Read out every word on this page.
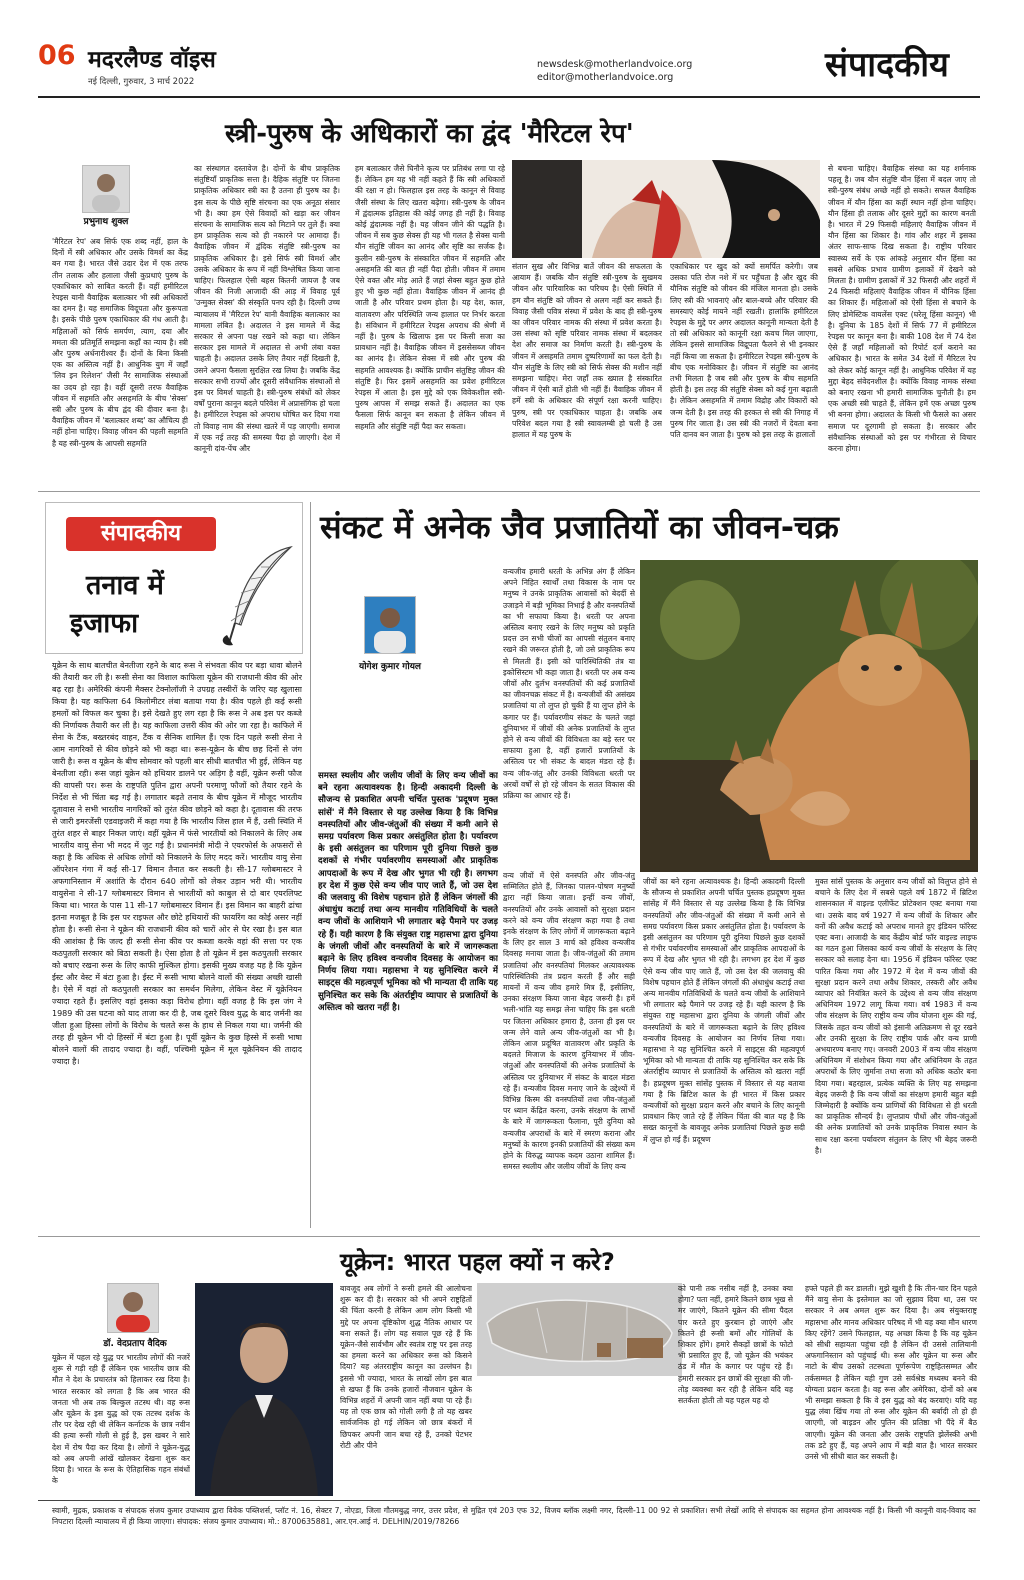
06 मदरलैण्ड वॉइस
नई दिल्ली, गुरुवार, 3 मार्च 2022
newsdesk@motherlandvoice.org
editor@motherlandvoice.org	संपादकीय
स्त्री-पुरुष के अधिकारों का द्वंद 'मैरिटल रेप'
प्रभुनाथ शुक्ल
'मैरिटल रेप' अब सिर्फ एक शब्द नहीं, हाल के दिनों में स्त्री अधिकार और उसके विमर्श का केंद्र बन गया है। भारत जैसे उदार देश में एक तरफ तीन तलाक और हलाला जैसी कुप्रथाएं पुरुष के एकाधिकार को साबित करती हैं। वहीं हमीरिटल रेपइस यानी वैवाहिक बलात्कार भी स्त्री अधिकारों का दमन है। यह समाजिक विदूपता और कुरूपता है। इसके पीछे पुरुष एकाधिकार की गंध आती है। महिलाओं को सिर्फ समर्पण, त्याग, दया और ममता की प्रतिमूर्ति समझना कहाँ का न्याय है। स्त्री और पुरुष अर्धनारीश्वर हैं। दोनों के बिना किसी एक का अस्तित्व नहीं है। आधुनिक युग में जहाँ 'लिव इन रिलेशन' जैसी नैर सामाजिक संस्थाओं का उदय हो रहा है। वहीं दूसरी तरफ वैवाहिक जीवन में सहमति और असहमति के बीच 'सेक्स' स्त्री और पुरुष के बीच द्वंद की दीवार बना है। वैवाहिक जीवन में 'बलात्कार शब्द' का औचित्य ही नहीं होना चाहिए। विवाह जीवन की पहली सहमति है यह स्त्री-पुरुष के आपसी सहमति
का संस्थागत दस्तावेज है। दोनों के बीच प्राकृतिक संतुष्टियाँ प्राकृतिक सत्ता है। दैहिक संतुष्टि पर जितना प्राकृतिक अधिकार स्त्री का है उतना ही पुरुष का है। इस सत्य के पीछे सृष्टि संरचना का एक अनूठा संसार भी है। क्या हम ऐसे विवादों को खड़ा कर जीवन संरचना के सामाजिक सत्य को मिटाने पर तुले हैं। क्या हम प्राकृतिक सत्य को ही नकारने पर आमादा हैं। वैवाहिक जीवन में द्वंदिक संतुष्टि स्त्री-पुरुष का प्राकृतिक अधिकार है। इसे सिर्फ स्त्री विमर्श और उसके अधिकार के रूप में नहीं विश्लेषित किया जाना चाहिए। फिलहाल ऐसी बहस कितनी जायज है जब जीवन की निजी आजादी की आड़ में विवाह पूर्व 'उन्मुक्त सेक्स' की संस्कृति पनप रही है। दिल्ली उच्च न्यायालय में 'मैरिटल रेप' यानी वैवाहिक बलात्कार का मामला लंबित है। अदालत ने इस मामले में केंद्र सरकार से अपना पक्ष रखने को कहा था। लेकिन सरकार इस मामले में अदालत से अभी लंबा वक्त चाहती है। अदालत उसके लिए तैयार नहीं दिखती है, उसने अपना फैसला सुरक्षित रख लिया है। जबकि केंद्र सरकार सभी राज्यों और दूसरी संवैधानिक संस्थाओं से इस पर विमर्श चाहती है। स्त्री-पुरुष संबंधों को लेकर वर्षों पुराना कानून बदले परिवेश में अप्रासंगिक हो चला है। हमीरिटल रेपइस को अपराध घोषित कर दिया गया तो विवाह नाम की संस्था खतरे में पड़ जाएगी। समाज में एक नई तरह की समस्या पैदा हो जाएगी। देश में कानूनी दांव-पेंच और
हम बलात्कार जैसे घिनौने कृत्य पर प्रतिबंध लगा पा रहे हैं। लेकिन हम यह भी नहीं कहते हैं कि स्त्री अधिकारों की रक्षा न हो। फिलहाल इस तरह के कानून से विवाह जैसी संस्था के लिए खतरा बढ़ेगा। स्त्री-पुरुष के जीवन में द्वंदात्मक इतिहास की कोई जगह ही नहीं है। विवाह कोई द्वंदात्मक नहीं है। यह जीवन जीने की पद्धति है। जीवन में सब कुछ सेक्स ही यह भी गलत है सेक्स यानी यौन संतुष्टि जीवन का आनंद और सृष्टि का सर्जक है। कुलीन स्त्री-पुरुष के संस्कारित जीवन में सहमति और असहमति की बात ही नहीं पैदा होती। जीवन में तमाम ऐसे वक्त और मोड़ आते हैं जहां सेक्स बहुत कुछ होते हुए भी कुछ नहीं होता। वैवाहिक जीवन में आनंद ही जाती है और परिवार प्रथम होता है। यह देश, काल, वातावरण और परिस्थिति जन्य हालात पर निर्भर करता है। संविधान में हमीरिटल रेपइस अपराध की श्रेणी में नहीं है। पुरुष के खिलाफ इस पर किसी सजा का प्रावधान नहीं है। वैवाहिक जीवन में इससेसब्ज जीवन का आनंद है। लेकिन सेक्स में स्त्री और पुरुष की सहमति आवश्यक है। क्योंकि प्राचीन संतुष्टिह जीवन की संतुष्टि है। फिर इसमें असहमति का प्रवेश हमीरिटल रेपइस में आता है। इस मुद्दे को एक विवेकशील स्त्री-पुरुष आपस में समझ सकते हैं। अदालत का एक फैसला सिर्फ कानून बन सकता है लेकिन जीवन में सहमति और संतुष्टि नहीं पैदा कर सकता।
संतान सुख और विभिन्न बातें जीवन की सफलता के आयाम हैं। जबकि यौन संतुष्टि स्त्री-पुरुष के सुखमय जीवन और पारिवारिक का परिचय है। ऐसी स्थिति में हम यौन संतुष्टि को जीवन से अलग नहीं कर सकते हैं। विवाह जैसी पवित्र संस्था में प्रवेश के बाद ही स्त्री-पुरुष का जीवन परिवार नामक की संस्था में प्रवेश करता है। उस संस्था को सृष्टि परिवार नामक संस्था में बदलकर देश और समाज का निर्माण करती है। स्त्री-पुरुष के जीवन में असहमति तमाम दुष्परिणामों का फल देती है। यौन संतुष्टि के लिए स्त्री को सिर्फ सेक्स की मशीन नहीं समझना चाहिए। मेरा जहाँ तक ख्याल है संस्कारित जीवन में ऐसी बातें होती भी नहीं हैं। वैवाहिक जीवन में हमें स्त्री के अधिकार की संपूर्ण रक्षा करनी चाहिए। पुरुष, स्त्री पर एकाधिकार चाहता है। जबकि अब परिवेश बदल गया है स्त्री स्वावलम्बी हो चली है उस हालात में यह पुरुष के
एकाधिकार पर खुद को क्यों समर्पित करेगी। जब उसका पति रोज नशे में घर पहुँचता है और खुद की यौनिक संतुष्टि को जीवन की मंजिल मानता हो। उसके लिए स्त्री की भावनाएं और बाल-बच्चे और परिवार की समस्याएं कोई मायने नहीं रखती। हालांकि हमीरिटल रेपइस के मुद्दे पर अगर अदालत कानूनी मान्यता देती है तो स्त्री अधिकार को कानूनी रक्षा कवच मिल जाएगा, लेकिन इससे सामाजिक विद्रूपता फैलने से भी इनकार नहीं किया जा सकता है। हमीरिटल रेपइस स्त्री-पुरुष के बीच एक मनोविकार है। जीवन में संतुष्टि का आनंद तभी मिलता है जब स्त्री और पुरुष के बीच सहमति होती है। इस तरह की संतुष्टि सेक्स को कई गुना बढ़ाती है। लेकिन असहमति में तमाम विद्रोह और विकारों को जन्म देती है। इस तरह की हरकत से स्त्री की निगाह में पुरुष गिर जाता है। उस स्त्री की नजरों में देवता बना पति दानव बन जाता है। पुरुष को इस तरह के हालातों
से बचना चाहिए। वैवाहिक संस्था का यह शर्मनाक पहलू है। जब यौन संतुष्टि यौन हिंसा में बदल जाए तो स्त्री-पुरुष संबंध अच्छे नहीं हो सकते। सफल वैवाहिक जीवन में यौन हिंसा का कहीं स्थान नहीं होना चाहिए। यौन हिंसा ही तलाक और दूसरे मुद्दों का कारण बनती है। भारत में 29 फिसदी महिलाएं वैवाहिक जीवन में यौन हिंसा का शिकार है। गांव और शहर में इसका अंतर साफ-साफ दिख सकता है। राष्ट्रीय परिवार स्वास्थ्य सर्वे के एक आंकड़े अनुसार यौन हिंसा का सबसे अधिक प्रभाव ग्रामीण इलाकों में देखने को मिलता है। ग्रामीण इलाकों में 32 फिसदी और शहरों में 24 फिसदी महिलाएं वैवाहिक जीवन में यौनिक हिंसा का शिकार हैं। महिलाओं को ऐसी हिंसा से बचाने के लिए डोमेस्टिक वायलेंस एक्ट (घरेलू हिंसा कानून) भी है। दुनिया के 185 देशों में सिर्फ 77 में हमीरिटल रेपइस पर कानून बना है। बाकी 108 देश में 74 देश ऐसे हैं जहाँ महिलाओं को रिपोर्ट दर्ज कराने का अधिकार है। भारत के समेत 34 देशों में मैरिटल रेप को लेकर कोई कानून नहीं है। आधुनिक परिवेश में यह मुद्दा बेहद संवेदनशील है। क्योंकि विवाह नामक संस्था को बनाए रखना भी हमारी सामाजिक चुनौती है। हम एक अच्छी स्त्री चाहते हैं, लेकिन हमें एक अच्छा पुरुष भी बनना होगा। अदालत के किसी भी फैसले का असर समाज पर दूरगामी हो सकता है। सरकार और संवैधानिक संस्थाओं को इस पर गंभीरता से विचार करना होगा।
संपादकीय
तनाव में
इजाफा
यूक्रेन के साथ बातचीत बेनतीजा रहने के बाद रूस ने संभवतः कीव पर बड़ा धावा बोलने की तैयारी कर ली है। रूसी सेना का विशाल काफिला यूक्रेन की राजधानी कीव की ओर बढ़ रहा है। अमेरिकी कंपनी मैक्सर टेक्नोलॉजी ने उपग्रह तस्वीरों के जरिए यह खुलासा किया है। यह काफिला 64 किलोमीटर लंबा बताया गया है। कीव पहले ही कई रूसी हमलों को विफल कर चुका है। इसे देखते हुए लग रहा है कि रूस ने अब इस पर कब्जे की निर्णायक तैयारी कर ली है। यह काफिला उत्तरी कीव की ओर जा रहा है। काफिले में सेना के टैंक, बख्तरबंद वाहन, टैंक व सैनिक शामिल हैं। एक दिन पहले रूसी सेना ने आम नागरिकों से कीव छोड़ने को भी कहा था। रूस-यूक्रेन के बीच छह दिनों से जंग जारी है। रूस व यूक्रेन के बीच सोमवार को पहली बार सीधी बातचीत भी हुई, लेकिन यह बेनतीजा रही। रूस जहां यूक्रेन को हथियार डालने पर अड़िग है वहीं, यूक्रेन रूसी फौज की वापसी पर। रूस के राष्ट्रपति पुतिन द्वारा अपनी परमाणु फौजों को तैयार रहने के निर्देश से भी चिंता बढ़ गई है। लगातार बढ़ते तनाव के बीच यूक्रेन में मौजूद भारतीय दूतावास ने सभी भारतीय नागरिकों को तुरंत कीव छोड़ने को कहा है। दूतावास की तरफ से जारी इमरजेंसी एडवाइजरी में कहा गया है कि भारतीय जिस हाल में हैं, उसी स्थिति में तुरंत शहर से बाहर निकल जाएं। वहीं यूक्रेन में फंसे भारतीयों को निकालने के लिए अब भारतीय वायु सेना भी मदद में जुट गई है। प्रधानमंत्री मोदी ने एयरफोर्स के अफसरों से कहा है कि अधिक से अधिक लोगों को निकालने के लिए मदद करें। भारतीय वायु सेना ऑपरेशन गंगा में कई सी-17 विमान तैनात कर सकती है। सी-17 ग्लोबमास्टर ने अफगानिस्तान में अशांति के दौरान 640 लोगों को लेकर उड़ान भरी थी। भारतीय वायुसेना ने सी-17 ग्लोबमास्टर विमान से भारतीयों को काबुल से दो बार एयरलिफ्ट किया था। भारत के पास 11 सी-17 ग्लोबमास्टर विमान हैं। इस विमान का बाहरी ढांचा इतना मजबूत है कि इस पर राइफल और छोटे हथियारों की फायरिंग का कोई असर नहीं होता है। रूसी सेना ने यूक्रेन की राजधानी कीव को चारों ओर से घेर रखा है। इस बात की आशंका है कि जल्द ही रूसी सेना कीव पर कब्जा करके वहां की सत्ता पर एक कठपुतली सरकार को बिठा सकती है। ऐसा होता है तो यूक्रेन में इस कठपुतली सरकार को बचाए रखना रूस के लिए काफी मुश्किल होगा। इसकी मुख्य वजह यह है कि यूक्रेन ईस्ट और वेस्ट में बंटा हुआ है। ईस्ट में रूसी भाषा बोलने वालों की संख्या अच्छी खासी है। ऐसे में वहां तो कठपुतली सरकार का समर्थन मिलेगा, लेकिन वेस्ट में यूक्रेनियन ज्यादा रहते हैं। इसलिए वहां इसका कड़ा विरोध होगा। वहीं वजह है कि इस जंग ने 1989 की उस घटना को याद ताजा कर दी है, जब दूसरे विश्व युद्ध के बाद जर्मनी का जीता हुआ हिस्सा लोगों के विरोध के चलते रूस के हाथ से निकल गया था। जर्मनी की तरह ही यूक्रेन भी दो हिस्सों में बंटा हुआ है। पूर्वी यूक्रेन के कुछ हिस्से में रूसी भाषा बोलने वालों की तादाद ज्यादा है। वहीं, पश्चिमी यूक्रेन में मूल यूक्रेनियन की तादाद ज्यादा है।
संकट में अनेक जैव प्रजातियों का जीवन-चक्र
योगेश कुमार गोयल
समस्त स्थलीय और जलीय जीवों के लिए वन्य जीवों का बने रहना अत्यावश्यक है। हिन्दी अकादमी दिल्ली के सौजन्य से प्रकाशित अपनी चर्चित पुस्तक 'प्रदूषण मुक्त सांसें' में मैंने विस्तार से यह उल्लेख किया है कि विभिन्न वनस्पतियों और जीव-जंतुओं की संख्या में कमी आने से समग्र पर्यावरण किस प्रकार असंतुलित होता है। पर्यावरण के इसी असंतुलन का परिणाम पूरी दुनिया पिछले कुछ दशकों से गंभीर पर्यावरणीय समस्याओं और प्राकृतिक आपदाओं के रूप में देख और भुगत भी रही है। लगभग हर देश में कुछ ऐसे वन्य जीव पाए जाते हैं, जो उस देश की जलवायु की विशेष पहचान होते हैं लेकिन जंगलों की अंधाधुंध कटाई तथा अन्य मानवीय गतिविधियों के चलते वन्य जीवों के आशियाने भी लगातार बढ़े पैमाने पर उजड़ रहे हैं। यही कारण है कि संयुक्त राष्ट्र महासभा द्वारा दुनिया के जंगली जीवों और वनस्पतियों के बारे में जागरूकता बढ़ाने के लिए हविश्व वन्यजीव दिवसह के आयोजन का निर्णय लिया गया। महासभा ने यह सुनिश्चित करने में साइट्स की महत्वपूर्ण भूमिका को भी मान्यता दी ताकि यह सुनिश्चित कर सके कि अंतर्राष्ट्रीय व्यापार से प्रजातियों के अस्तित्व को खतरा नहीं है।
वन्यजीव हमारी धरती के अभिन्न अंग हैं लेकिन अपने निहित स्वार्थों तथा विकास के नाम पर मनुष्य ने उनके प्राकृतिक आवासों को बेदर्दी से उजाड़ने में बड़ी भूमिका निभाई है और वनस्पतियों का भी सफाया किया है। धरती पर अपना अस्तित्व बनाए रखने के लिए मनुष्य को प्रकृति प्रदत्त उन सभी चीजों का आपसी संतुलन बनाए रखने की जरूरत होती है, जो उसे प्राकृतिक रूप से मिलती हैं। इसी को पारिस्थितिकी तंत्र या इकोसिस्टम भी कहा जाता है। धरती पर अब वन्य जीवों और दुर्लभ वनस्पतियों की कई प्रजातियों का जीवनचक्र संकट में है। वन्यजीवों की असंख्य प्रजातियां या तो लुप्त हो चुकी हैं या लुप्त होने के कगार पर हैं। पर्यावरणीय संकट के चलते जहां दुनियाभर में जीवों की अनेक प्रजातियों के लुप्त होने से वन्य जीवों की विविधता का बड़े स्तर पर सफाया हुआ है, वहीं हजारों प्रजातियों के अस्तित्व पर भी संकट के बादल मंडरा रहे हैं। वन्य जीव-जंतु और उनकी विविधता धरती पर अरबों वर्षों से हो रहे जीवन के सतत विकास की प्रक्रिया का आधार रहे हैं।
वन्य जीवों में ऐसे वनस्पति और जीव-जंतु सम्मिलित होते हैं, जिनका पालन-पोषण मनुष्यों द्वारा नहीं किया जाता। इन्हीं वन्य जीवों, वनस्पतियों और उनके आवासों को सुरक्षा प्रदान करने को वन्य जीव संरक्षण कहा गया है तथा इनके संरक्षण के लिए लोगों में जागरूकता बढ़ाने के लिए हर साल 3 मार्च को हविश्व वन्यजीव दिवसह मनाया जाता है। जीव-जंतुओं की तमाम प्रजातियां और वनस्पतियां मिलकर अत्यावश्यक पारिस्थितिकी तंत्र प्रदान करती हैं और सही मायनों में वन्य जीव हमारे मित्र हैं, इसीलिए, उनका संरक्षण किया जाना बेहद जरूरी है। हमें भली-भांति यह समझ लेना चाहिए कि इस धरती पर जितना अधिकार हमारा है, उतना ही इस पर जन्म लेने वाले अन्य जीव-जंतुओं का भी है। लेकिन आज प्रदूषित वातावरण और प्रकृति के बदलते मिजाज के कारण दुनियाभर में जीव-जंतुओं और वनस्पतियों की अनेक प्रजातियों के अस्तित्व पर दुनियाभर में संकट के बादल मंडरा रहे हैं। वन्यजीव दिवस मनाए जाने के उद्देश्यों में विभिन्न किस्म की वनस्पतियों तथा जीव-जंतुओं पर ध्यान केंद्रित करना, उनके संरक्षण के लाभों के बारे में जागरूकता फैलाना, पूरी दुनिया को वन्यजीव अपराधों के बारे में स्मरण कराना और मनुष्यों के कारण इनकी प्रजातियों की संख्या कम होने के विरुद्ध व्यापक कदम उठाना शामिल हैं। समस्त स्थलीय और जलीय जीवों के लिए वन्य
जीवों का बने रहना अत्यावश्यक है। हिन्दी अकादमी दिल्ली के सौजन्य से प्रकाशित अपनी चर्चित पुस्तक हप्रदूषण मुक्त सांसेंह में मैंने विस्तार से यह उल्लेख किया है कि विभिन्न वनस्पतियों और जीव-जंतुओं की संख्या में कमी आने से समग्र पर्यावरण किस प्रकार असंतुलित होता है। पर्यावरण के इसी असंतुलन का परिणाम पूरी दुनिया पिछले कुछ दशकों से गंभीर पर्यावरणीय समस्याओं और प्राकृतिक आपदाओं के रूप में देख और भुगत भी रही है। लगभग हर देश में कुछ ऐसे वन्य जीव पाए जाते हैं, जो उस देश की जलवायु की विशेष पहचान होते हैं लेकिन जंगलों की अंधाधुंध कटाई तथा अन्य मानवीय गतिविधियों के चलते वन्य जीवों के आशियाने भी लगातार बढ़े पैमाने पर उजड़ रहे हैं। यही कारण है कि संयुक्त राष्ट्र महासभा द्वारा दुनिया के जंगली जीवों और वनस्पतियों के बारे में जागरूकता बढ़ाने के लिए हविश्व वन्यजीव दिवसह के आयोजन का निर्णय लिया गया। महासभा ने यह सुनिश्चित करने में साइट्स की महत्वपूर्ण भूमिका को भी मान्यता दी ताकि यह सुनिश्चित कर सके कि अंतर्राष्ट्रीय व्यापार से प्रजातियों के अस्तित्व को खतरा नहीं है। हप्रदूषण मुक्त सांसेंह पुस्तक में विस्तार से यह बताया गया है कि ब्रिटिश काल के ही भारत में किस प्रकार वन्यजीवों को सुरक्षा प्रदान करने और बचाने के लिए कानूनी प्रावधान किए जाते रहे हैं लेकिन चिंता की बात यह है कि सख्त कानूनों के बावजूद अनेक प्रजातियां पिछले कुछ सदी में लुप्त हो गई हैं। प्रदूषण
मुक्त सांसें पुस्तक के अनुसार वन्य जीवों को विलुप्त होने से बचाने के लिए देश में सबसे पहले वर्ष 1872 में ब्रिटिश शासनकाल में वाइल्ड एलीफेंट प्रोटेक्शन एक्ट बनाया गया था। उसके बाद वर्ष 1927 में वन्य जीवों के शिकार और वनों की अवैध कटाई को अपराध मानते हुए इंडियन फॉरेस्ट एक्ट बना। आजादी के बाद केंद्रीय बोर्ड फॉर वाइल्ड लाइफ का गठन हुआ जिसका कार्य वन्य जीवों के संरक्षण के लिए सरकार को सलाह देना था। 1956 में इंडियन फॉरेस्ट एक्ट पारित किया गया और 1972 में देश में वन्य जीवों की सुरक्षा प्रदान करने तथा अवैध शिकार, तस्करी और अवैध व्यापार को नियंत्रित करने के उद्देश्य से वन्य जीव संरक्षण अधिनियम 1972 लागू किया गया। वर्ष 1983 में वन्य जीव संरक्षण के लिए राष्ट्रीय वन्य जीव योजना शुरू की गई, जिसके तहत वन्य जीवों को इंसानी अतिक्रमण से दूर रखने और उनकी सुरक्षा के लिए राष्ट्रीय पार्क और वन्य प्राणी अभयारण्य बनाए गए। जनवरी 2003 में वन्य जीव संरक्षण अधिनियम में संशोधन किया गया और अधिनियम के तहत अपराधों के लिए जुर्माना तथा सजा को अधिक कठोर बना दिया गया। बहरहाल, प्रत्येक व्यक्ति के लिए यह समझना बेहद जरूरी है कि वन्य जीवों का संरक्षण हमारी बहुत बड़ी जिम्मेदारी है क्योंकि वन्य प्राणियों की विविधता से ही धरती का प्राकृतिक सौन्दर्य है। लुप्तप्राय पौधों और जीव-जंतुओं की अनेक प्रजातियों को उनके प्राकृतिक निवास स्थान के साथ रक्षा करना पर्यावरण संतुलन के लिए भी बेहद जरूरी है।
यूक्रेन: भारत पहल क्यों न करे?
डॉ. वेदप्रताप वैदिक
यूक्रेन में पहल रहे युद्ध पर भारतीय लोगों की नजरें शुरू से गड़ी रही हैं लेकिन एक भारतीय छात्र की मौत ने देश के प्रचारतंत्र को हिलाकर रख दिया है। भारत सरकार को लगता है कि अब भारत की जनता भी अब तक बिल्कुल तटस्थ थी। वह रूस और यूक्रेन के इस युद्ध को एक तटस्थ दर्शक के तौर पर देख रही थी लेकिन कर्नाटक के छात्र नवीन की हत्या रूसी गोली से हुई है, इस खबर ने सारे देश में रोष पैदा कर दिया है। लोगों ने यूक्रेन-युद्ध को अब अपनी आंखें खोलकर देखना शुरू कर दिया है। भारत के रूस के ऐतिहासिक गहन संबंधों के
बावजूद अब लोगों ने रूसी हमले की आलोचना शुरू कर दी है। सरकार को भी अपने राष्ट्रहितों की चिंता करनी है लेकिन आम लोग किसी भी मुद्दे पर अपना दृष्टिकोण शुद्ध नैतिक आधार पर बना सकते हैं। लोग यह सवाल पूछ रहे हैं कि यूक्रेन-जैसे सार्वभौम और स्वतंत्र राष्ट्र पर इस तरह का हमला करने का अधिकार रूस को किसने दिया? यह अंतरराष्ट्रीय कानून का उल्लंघन है। इससे भी ज्यादा, भारत के लाखों लोग इस बात से खफा हैं कि उनके हजारों नौजवान यूक्रेन के विभिन्न शहरों में अपनी जान नहीं बचा पा रहे हैं। यह तो एक छात्र को गोली लगी है तो यह खबर सार्वजनिक हो गई लेकिन जो छात्र बंकरों में छिपकर अपनी जान बचा रहे हैं, उनको पेटभर रोटी और पीने
को पानी तक नसीब नहीं है, उनका क्या होगा? पता नहीं, हमारे कितने छात्र भूख से मर जाएंगे, कितने यूक्रेन की सीमा पैदल पार करते हुए कुरबान हो जाएंगे और कितने ही रूसी बमों और गोलियों के शिकार होंगे। हमारे सैकड़ों छात्रों के फोटो भी प्रसारित हुए हैं, जो यूक्रेन की भयंकर ठंड में मौत के कगार पर पहुंच रहे हैं। हमारी सरकार इन छात्रों की सुरक्षा की जी-तोड़ व्यवस्था कर रही है लेकिन यदि यह सतर्कता होती तो यह पहल यह दो
हफ्ते पहले ही कर डालती। मुझे खुशी है कि तीन-चार दिन पहले मैंने वायु सेना के इस्तेमाल का जो सुझाव दिया था, उस पर सरकार ने अब अमल शुरू कर दिया है। अब संयुक्तराष्ट्र महासभा और मानव अधिकार परिषद में भी यह क्या मौन धारण किए रहेंगे? उसने फिलहाल, यह अच्छा किया है कि वह यूक्रेन को सीधी सहायता पहुंचा रही है लेकिन दी उससे तालियानी अफगानिस्तान को पहुंचाई थी। रूस और यूक्रेन या रूस और नाटो के बीच उसको तटस्थता पूर्णरूपेण राष्ट्रहितसम्मत और तर्कसम्मत है लेकिन यही गुण उसे सर्वश्रेष्ठ मध्यस्थ बनने की योग्यता प्रदान करता है। वह रूस और अमेरिका, दोनों को अब भी समझा सकता है कि वे इस युद्ध को बंद करवाएं। यदि यह युद्ध लंबा खिंच गया तो रूस और यूक्रेन की बर्बादी तो हो ही जाएगी, जो बाइडन और पुतिन की प्रतिष्ठा भी पैंदे में बैठ जाएगी। यूक्रेन की जनता और उसके राष्ट्रपति झेलेंस्की अभी तक डटे हुए हैं, यह अपने आप में बड़ी बात है। भारत सरकार उनसे भी सीधी बात कर सकती है।
स्वामी, मुद्रक, प्रकाशक व संपादक संजय कुमार उपाध्याय द्वारा विवेक पब्लिशर्स, प्लॉट नं. 16, सेक्टर 7, नोएडा, जिला गौतमबुद्ध नगर, उत्तर प्रदेश, से मुद्रित एवं 203 एफ 32, विजय ब्लॉक लक्ष्मी नगर, दिल्ली-11 00 92 से प्रकाशित। सभी लेखों आदि से संपादक का सहमत होना आवश्यक नहीं है। किसी भी कानूनी वाद-विवाद का निपटारा दिल्ली न्यायालय में ही किया जाएगा। संपादक: संजय कुमार उपाध्याय। मो.: 8700635881, आर.एन.आई नं. DELHIN/2019/78266
